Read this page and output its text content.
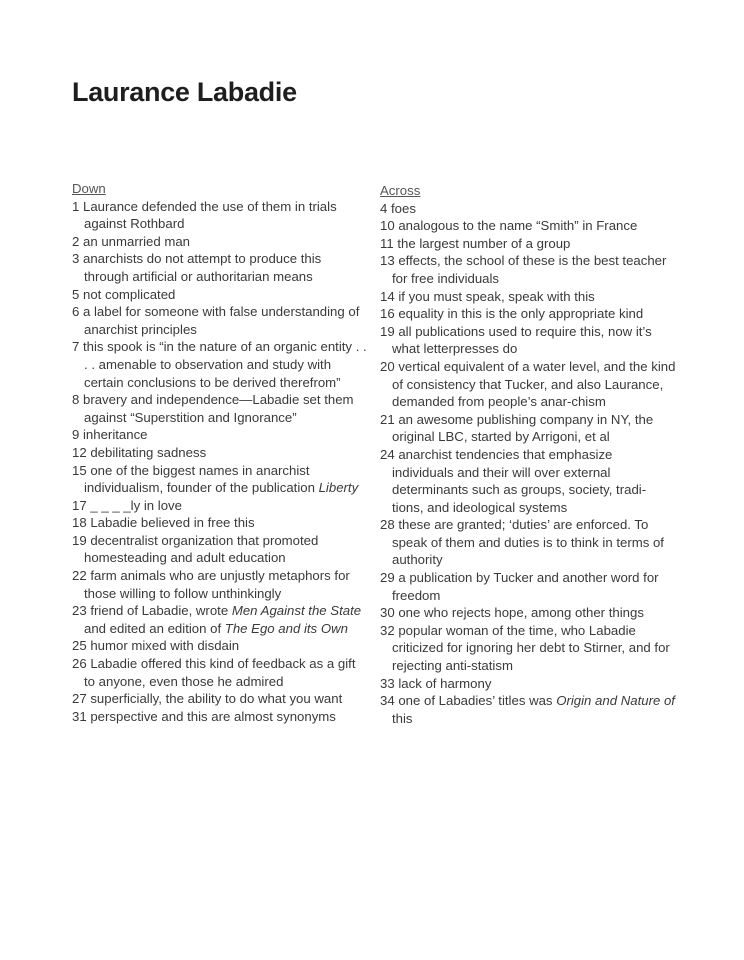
Laurance Labadie
Down
1 Laurance defended the use of them in trials against Rothbard
2 an unmarried man
3 anarchists do not attempt to produce this through artificial or authoritarian means
5 not complicated
6 a label for someone with false understanding of anarchist principles
7 this spook is “in the nature of an organic entity . . . . amenable to observation and study with certain conclusions to be derived therefrom”
8 bravery and independence—Labadie set them against “Superstition and Ignorance”
9 inheritance
12 debilitating sadness
15 one of the biggest names in anarchist individualism, founder of the publication Liberty
17 _ _ _ _ly in love
18 Labadie believed in free this
19 decentralist organization that promoted homesteading and adult education
22 farm animals who are unjustly metaphors for those willing to follow unthinkingly
23 friend of Labadie, wrote Men Against the State and edited an edition of The Ego and its Own
25 humor mixed with disdain
26 Labadie offered this kind of feedback as a gift to anyone, even those he admired
27 superficially, the ability to do what you want
31 perspective and this are almost synonyms
Across
4 foes
10 analogous to the name “Smith” in France
11 the largest number of a group
13 effects, the school of these is the best teacher for free individuals
14 if you must speak, speak with this
16 equality in this is the only appropriate kind
19 all publications used to require this, now it’s what letterpresses do
20 vertical equivalent of a water level, and the kind of consistency that Tucker, and also Laurance, demanded from people’s anar-chism
21 an awesome publishing company in NY, the original LBC, started by Arrigoni, et al
24 anarchist tendencies that emphasize individuals and their will over external determinants such as groups, society, tradi-tions, and ideological systems
28 these are granted; ‘duties’ are enforced. To speak of them and duties is to think in terms of authority
29 a publication by Tucker and another word for freedom
30 one who rejects hope, among other things
32 popular woman of the time, who Labadie criticized for ignoring her debt to Stirner, and for rejecting anti-statism
33 lack of harmony
34 one of Labadies’ titles was Origin and Nature of this
